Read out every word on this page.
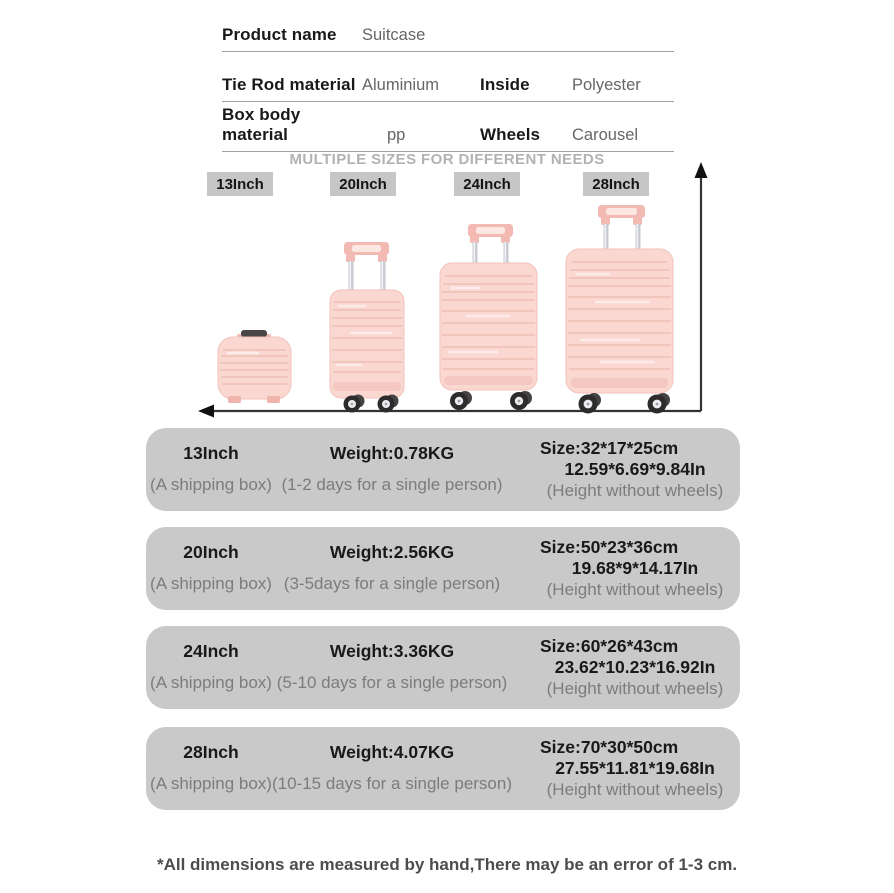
Product name	Suitcase
Tie Rod material Aluminium	Inside	Polyester
Box body material	pp	Wheels	Carousel
MULTIPLE SIZES FOR DIFFERENT NEEDS
13Inch	20Inch	24Inch	28Inch
13Inch
(A shipping box)
Weight:0.78KG
(1-2 days for a single person)
Size:32*17*25cm
12.59*6.69*9.84In
(Height without wheels)
20Inch
(A shipping box)
Weight:2.56KG
(3-5days for a single person)
Size:50*23*36cm
19.68*9*14.17In
(Height without wheels)
24Inch
(A shipping box)
Weight:3.36KG
(5-10 days for a single person)
Size:60*26*43cm
23.62*10.23*16.92In
(Height without wheels)
28Inch
(A shipping box)
Weight:4.07KG
(10-15 days for a single person)
Size:70*30*50cm
27.55*11.81*19.68In
(Height without wheels)
*All dimensions are measured by hand,There may be an error of 1-3 cm.
